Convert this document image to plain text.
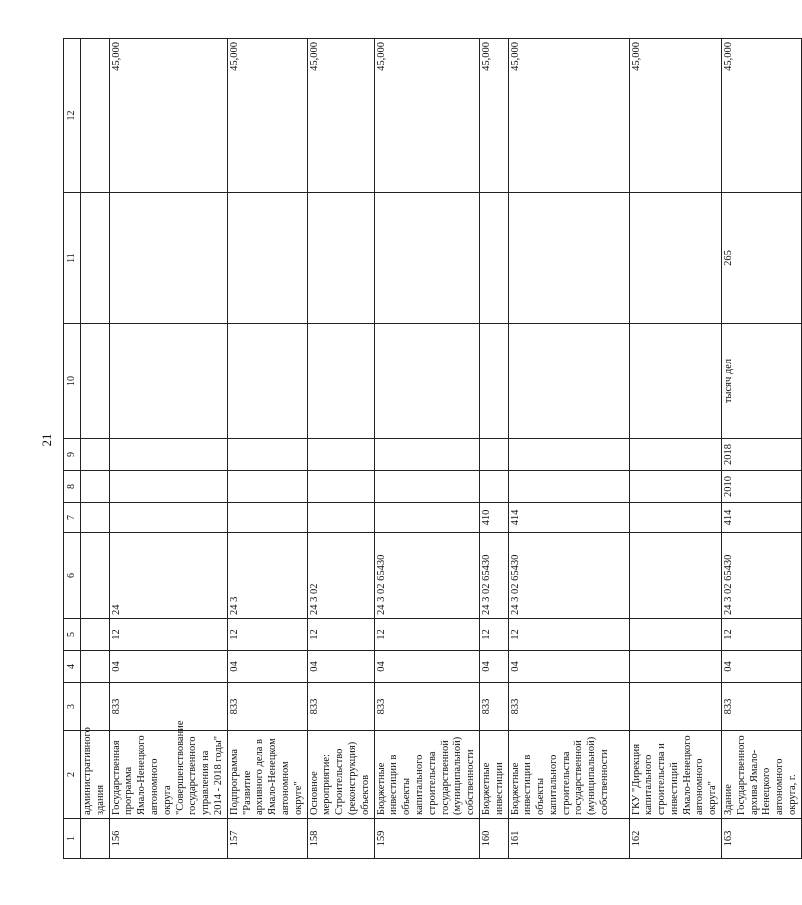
21
1	2	3	4	5	6	7	8	9	10	11	12
	административного здания										
156	Государственная программа Ямало-Ненецкого автономного округа "Совершенствование государственного управления на 2014 - 2018 годы"	833	04	12	24						45,000
157	Подпрограмма "Развитие архивного дела в Ямало-Ненецком автономном округе"	833	04	12	24 3						45,000
158	Основное мероприятие: Строительство (реконструкция) объектов	833	04	12	24 3 02						45,000
159	Бюджетные инвестиции в объекты капитального строительства государственной (муниципальной) собственности	833	04	12	24 3 02 65430						45,000
160	Бюджетные инвестиции	833	04	12	24 3 02 65430	410					45,000
161	Бюджетные инвестиции в объекты капитального строительства государственной (муниципальной) собственности	833	04	12	24 3 02 65430	414					45,000
162	ГКУ "Дирекция капитального строительства и инвестиций Ямало-Ненецкого автономного округа"										45,000
163	Здание Государственного архива Ямало-Ненецкого автономного округа, г.	833	04	12	24 3 02 65430	414	2010	2018	тысяч дел	265	45,000
